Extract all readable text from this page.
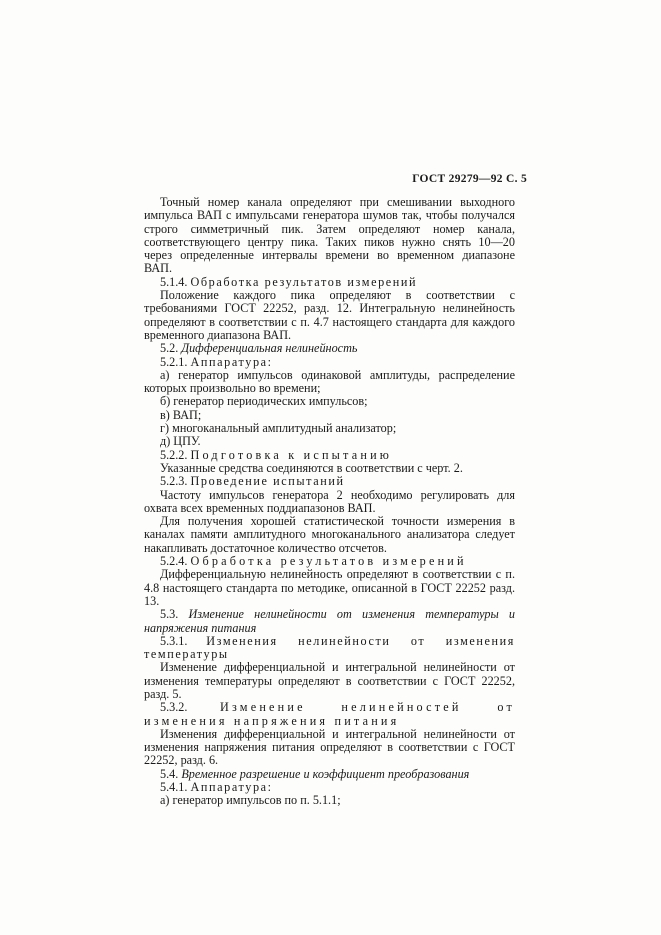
ГОСТ 29279—92 С. 5

Точный номер канала определяют при смешивании выходного импульса ВАП с импульсами генератора шумов так, чтобы получался строго симметричный пик. Затем определяют номер канала, соответствующего центру пика. Таких пиков нужно снять 10—20 через определенные интервалы времени во временном диапазоне ВАП.

5.1.4. Обработка результатов измерений

Положение каждого пика определяют в соответствии с требованиями ГОСТ 22252, разд. 12. Интегральную нелинейность определяют в соответствии с п. 4.7 настоящего стандарта для каждого временного диапазона ВАП.

5.2. Дифференциальная нелинейность

5.2.1. Аппаратура:

а) генератор импульсов одинаковой амплитуды, распределение которых произвольно во времени;

б) генератор периодических импульсов;

в) ВАП;

г) многоканальный амплитудный анализатор;

д) ЦПУ.

5.2.2. Подготовка к испытанию

Указанные средства соединяются в соответствии с черт. 2.

5.2.3. Проведение испытаний

Частоту импульсов генератора 2 необходимо регулировать для охвата всех временных поддиапазонов ВАП.

Для получения хорошей статистической точности измерения в каналах памяти амплитудного многоканального анализатора следует накапливать достаточное количество отсчетов.

5.2.4. Обработка результатов измерений

Дифференциальную нелинейность определяют в соответствии с п. 4.8 настоящего стандарта по методике, описанной в ГОСТ 22252 разд. 13.

5.3. Изменение нелинейности от изменения температуры и напряжения питания

5.3.1. Изменения нелинейности от изменения температуры

Изменение дифференциальной и интегральной нелинейности от изменения температуры определяют в соответствии с ГОСТ 22252, разд. 5.

5.3.2.	Изменение нелинейностей от изменения напряжения питания

Изменения дифференциальной и интегральной нелинейности от изменения напряжения питания определяют в соответствии с ГОСТ 22252, разд. 6.

5.4. Временное разрешение и коэффициент преобразования

5.4.1. Аппаратура:

а) генератор импульсов по п. 5.1.1;
